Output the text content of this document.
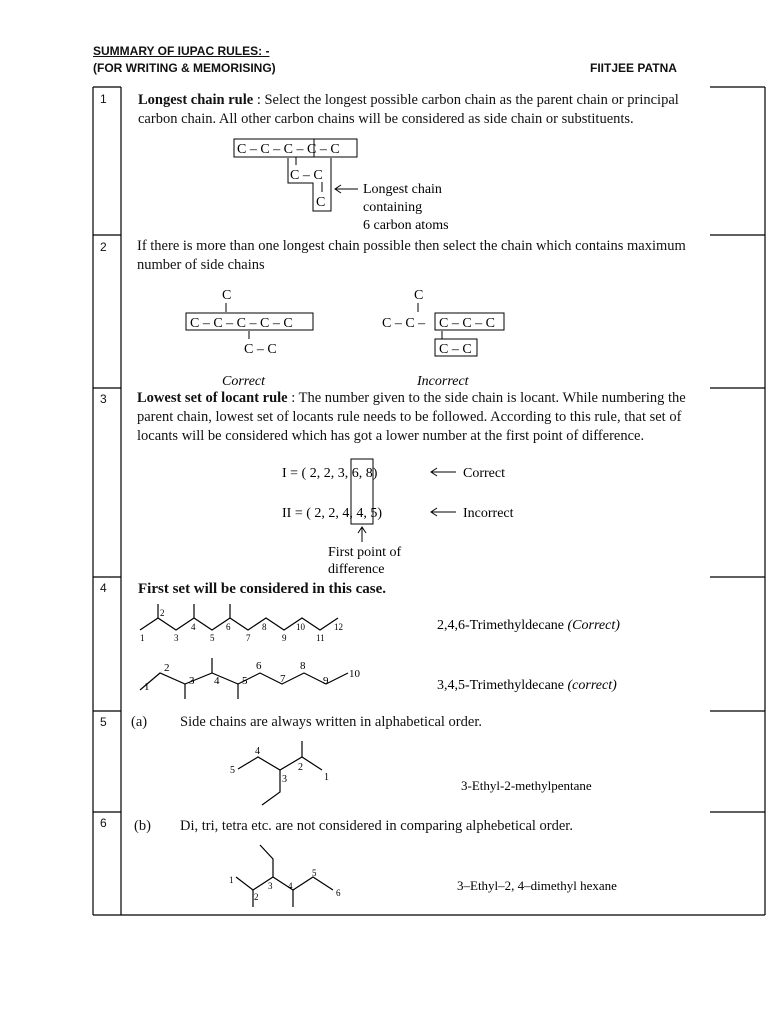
SUMMARY OF IUPAC RULES: -
(FOR WRITING & MEMORISING)	FIITJEE PATNA
C – C – C – C – C
C – C
C
Longest chain
containing
6 carbon atoms
C
C – C – C – C – C
C – C
Correct
C
C – C – C – C – C
C – C
Incorrect
I = ( 2, 2, 3, 6, 8)
II = ( 2, 2, 4, 4, 5)
Correct
Incorrect
First point of
difference
1
2
3
4
5
6
7
8
9
10
11
12
1
2
3 4 5
6
7
8
9
10
2,4,6-Trimethyldecane (Correct)
3,4,5-Trimethyldecane (correct)
5
4
3
2
1
3-Ethyl-2-methylpentane
1
2
3 4
5
6	3–Ethyl–2, 4–dimethyl hexane
1
2
3
4
5
6
Longest chain rule : Select the longest possible carbon chain as the parent chain or principal carbon chain. All other carbon chains will be considered as side chain or substituents.
If there is more than one longest chain possible then select the chain which contains maximum number of side chains
Lowest set of locant rule : The number given to the side chain is locant. While numbering the parent chain, lowest set of locants rule needs to be followed. According to this rule, that set of locants will be considered which has got a lower number at the first point of difference.
First set will be considered in this case.
(a) Side chains are always written in alphabetical order.
(b) Di, tri, tetra etc. are not considered in comparing alphebetical order.
